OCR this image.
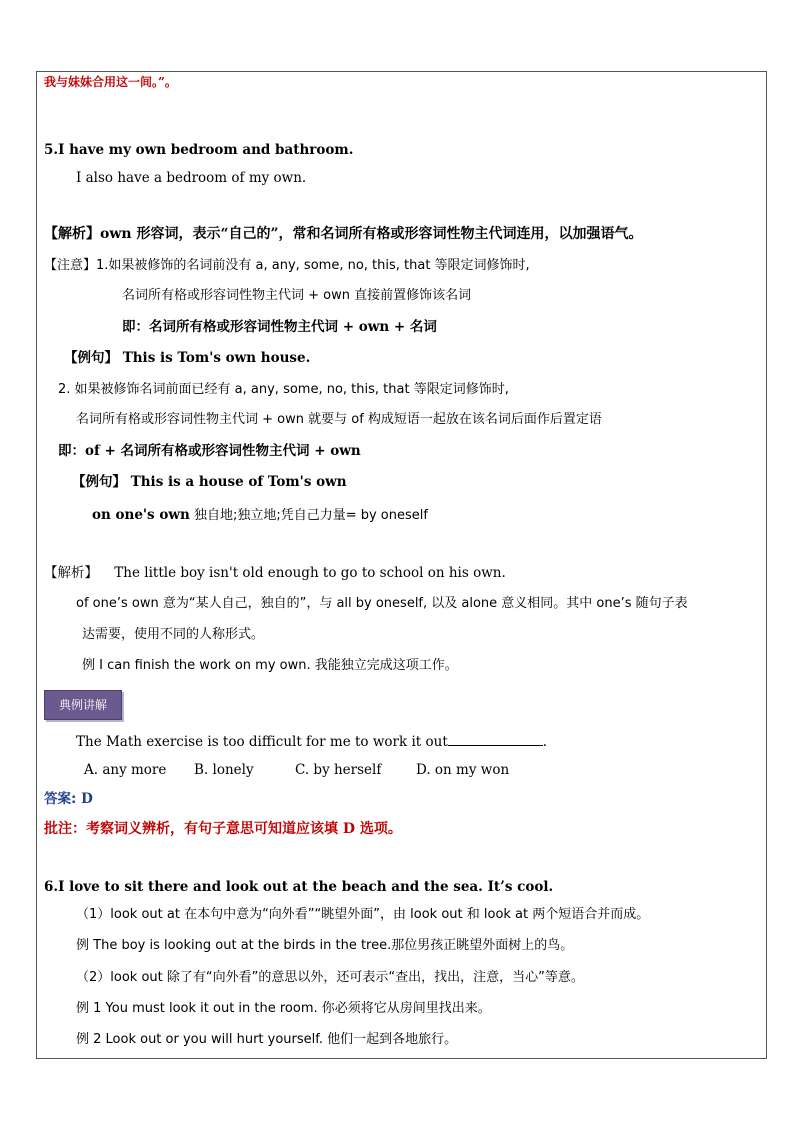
我与妹妹合用这一间。”。
5.I have my own bedroom and bathroom.
I also have a bedroom of my own.
【解析】own 形容词，表示“自己的”，常和名词所有格或形容词性物主代词连用，以加强语气。
【注意】1.如果被修饰的名词前没有 a, any, some, no, this, that 等限定词修饰时,
名词所有格或形容词性物主代词 + own 直接前置修饰该名词
即：名词所有格或形容词性物主代词 + own + 名词
【例句】 This is Tom's own house.
2. 如果被修饰名词前面已经有 a, any, some, no, this, that 等限定词修饰时,
名词所有格或形容词性物主代词 + own 就要与 of 构成短语一起放在该名词后面作后置定语
即：of + 名词所有格或形容词性物主代词 + own
【例句】 This is a house of Tom's own
on one's own 独自地;独立地;凭自己力量= by oneself
【解析】 The little boy isn't old enough to go to school on his own.
of one’s own 意为“某人自己，独自的”，与 all by oneself, 以及 alone 意义相同。其中 one’s 随句子表
达需要，使用不同的人称形式。
例 I can finish the work on my own. 我能独立完成这项工作。
典例讲解
The Math exercise is too difficult for me to work it out	.
A. any more B. lonely	C. by herself	D. on my won
答案: D
批注：考察词义辨析，有句子意思可知道应该填 D 选项。
6.I love to sit there and look out at the beach and the sea. It’s cool.
（1）look out at 在本句中意为“向外看”“眺望外面”，由 look out 和 look at 两个短语合并而成。
例 The boy is looking out at the birds in the tree.那位男孩正眺望外面树上的鸟。
（2）look out 除了有“向外看”的意思以外，还可表示“查出，找出，注意，当心”等意。
例 1 You must look it out in the room. 你必须将它从房间里找出来。
例 2 Look out or you will hurt yourself. 他们一起到各地旅行。
